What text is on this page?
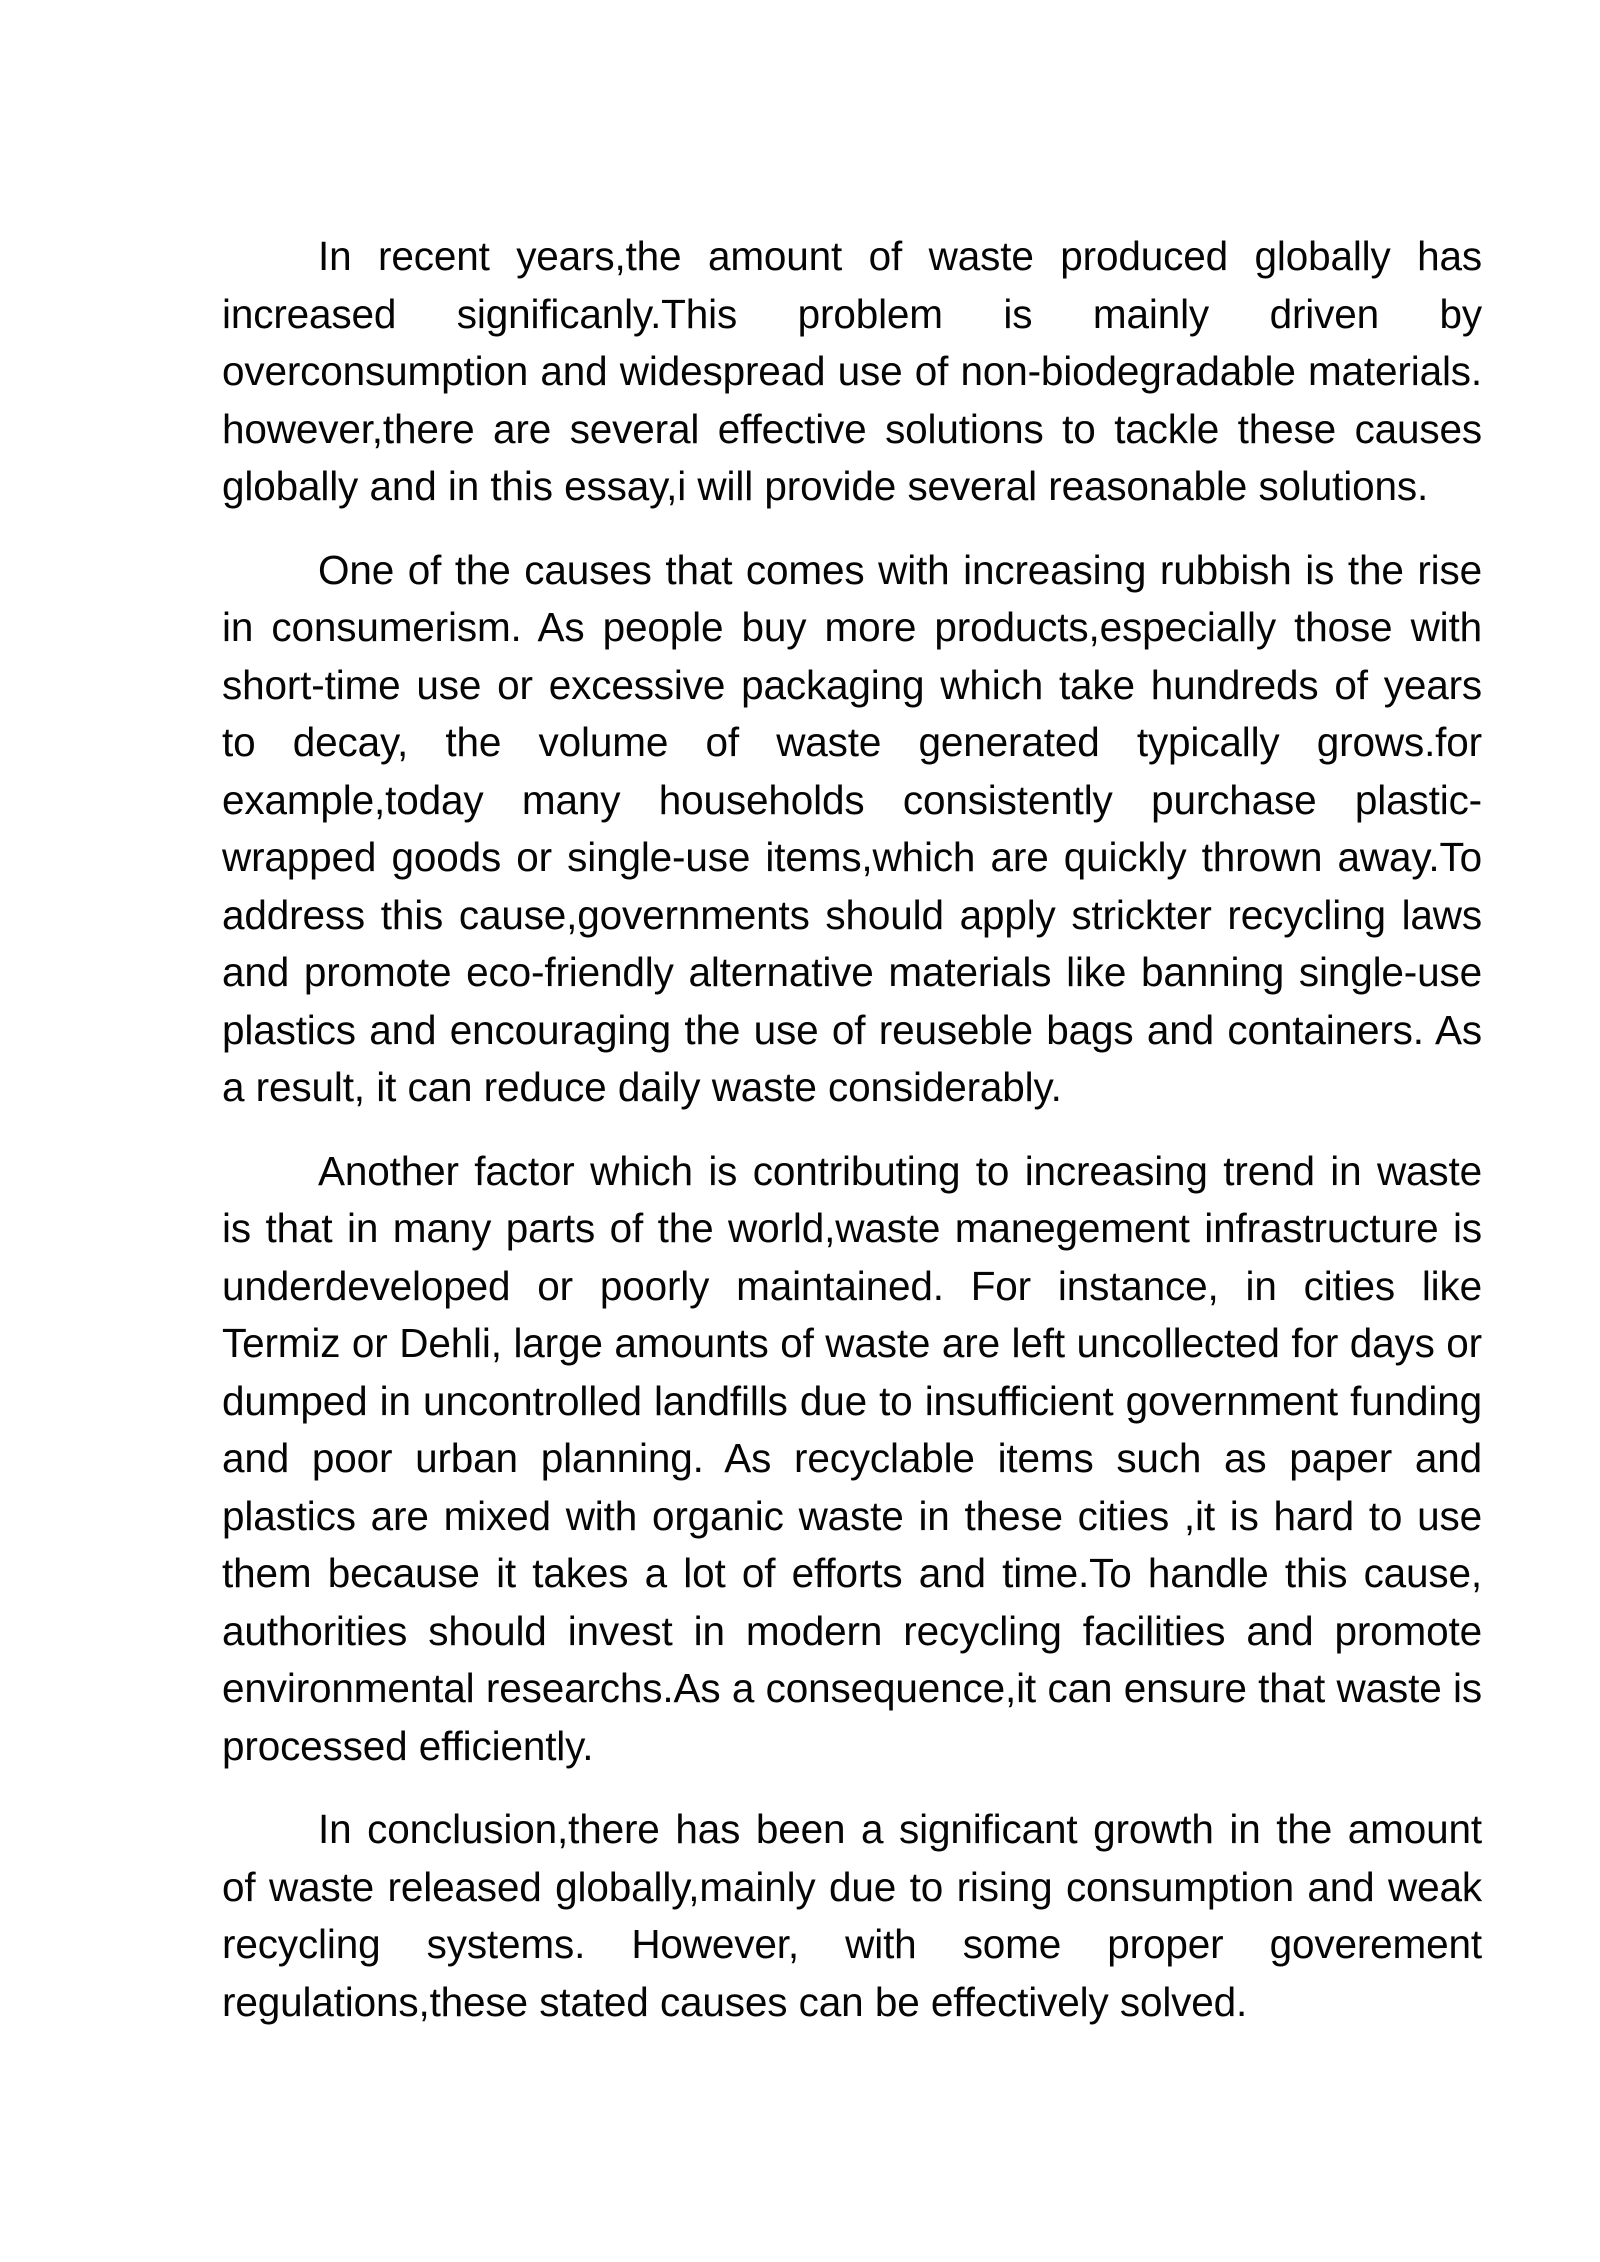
In recent years,the amount of waste produced globally has increased significanly.This problem is mainly driven by overconsumption and widespread use of non-biodegradable materials. however,there are several effective solutions to tackle these causes globally and in this essay,i will provide several reasonable solutions.

One of the causes that comes with increasing rubbish is the rise in consumerism. As people buy more products,especially those with short-time use or excessive packaging which take hundreds of years to decay, the volume of waste generated typically grows.for example,today many households consistently purchase plastic-wrapped goods or single-use items,which are quickly thrown away.To address this cause,governments should apply strickter recycling laws and promote eco-friendly alternative materials like banning single-use plastics and encouraging the use of reuseble bags and containers. As a result, it can reduce daily waste considerably.

Another factor which is contributing to increasing trend in waste is that in many parts of the world,waste manegement infrastructure is underdeveloped or poorly maintained. For instance, in cities like Termiz or Dehli, large amounts of waste are left uncollected for days or dumped in uncontrolled landfills due to insufficient government funding and poor urban planning. As recyclable items such as paper and plastics are mixed with organic waste in these cities ,it is hard to use them because it takes a lot of efforts and time.To handle this cause, authorities should invest in modern recycling facilities and promote environmental researchs.As a consequence,it can ensure that waste is processed efficiently.

In conclusion,there has been a significant growth in the amount of waste released globally,mainly due to rising consumption and weak recycling systems. However, with some proper goverement regulations,these stated causes can be effectively solved.
